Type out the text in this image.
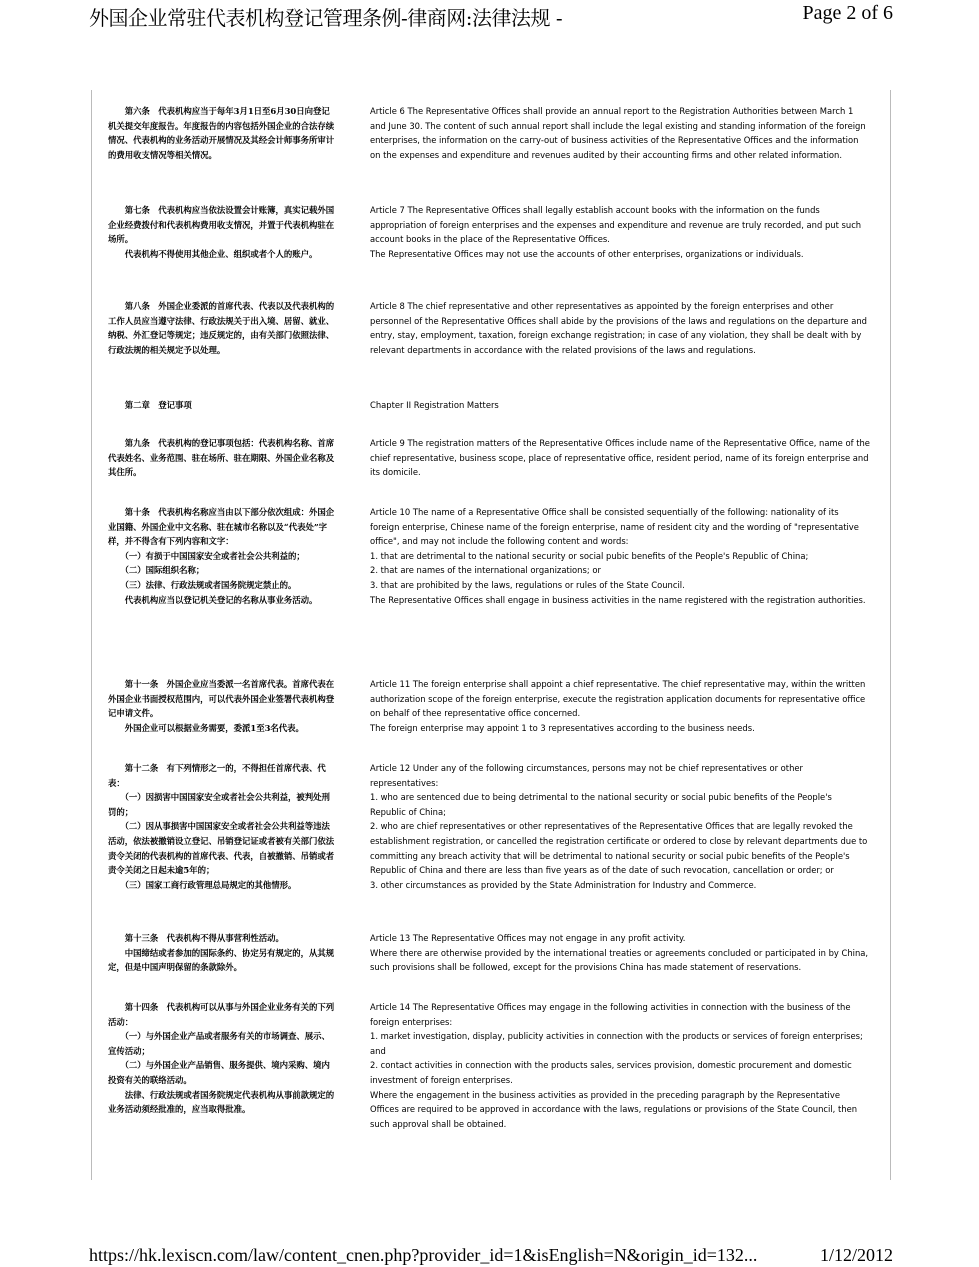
外国企业常驻代表机构登记管理条例-律商网:法律法规 -	Page 2 of 6

　　第六条　代表机构应当于每年3月1日至6月30日向登记机关提交年度报告。年度报告的内容包括外国企业的合法存续情况、代表机构的业务活动开展情况及其经会计师事务所审计的费用收支情况等相关情况。

Article 6 The Representative Offices shall provide an annual report to the Registration Authorities between March 1 and June 30. The content of such annual report shall include the legal existing and standing information of the foreign enterprises, the information on the carry-out of business activities of the Representative Offices and the information on the expenses and expenditure and revenues audited by their accounting firms and other related information.

　　第七条　代表机构应当依法设置会计账簿，真实记载外国企业经费拨付和代表机构费用收支情况，并置于代表机构驻在场所。

　　代表机构不得使用其他企业、组织或者个人的账户。

Article 7 The Representative Offices shall legally establish account books with the information on the funds appropriation of foreign enterprises and the expenses and expenditure and revenue are truly recorded, and put such account books in the place of the Representative Offices.

The Representative Offices may not use the accounts of other enterprises, organizations or individuals.

　　第八条　外国企业委派的首席代表、代表以及代表机构的工作人员应当遵守法律、行政法规关于出入境、居留、就业、纳税、外汇登记等规定；违反规定的，由有关部门依照法律、行政法规的相关规定予以处理。

Article 8 The chief representative and other representatives as appointed by the foreign enterprises and other personnel of the Representative Offices shall abide by the provisions of the laws and regulations on the departure and entry, stay, employment, taxation, foreign exchange registration; in case of any violation, they shall be dealt with by relevant departments in accordance with the related provisions of the laws and regulations.

　　第二章　登记事项	Chapter II Registration Matters

　　第九条　代表机构的登记事项包括：代表机构名称、首席代表姓名、业务范围、驻在场所、驻在期限、外国企业名称及其住所。

Article 9 The registration matters of the Representative Offices include name of the Representative Office, name of the chief representative, business scope, place of representative office, resident period, name of its foreign enterprise and its domicile.

　　第十条　代表机构名称应当由以下部分依次组成：外国企业国籍、外国企业中文名称、驻在城市名称以及“代表处”字样，并不得含有下列内容和文字：

　　（一）有损于中国国家安全或者社会公共利益的；

　　（二）国际组织名称；

　　（三）法律、行政法规或者国务院规定禁止的。

　　代表机构应当以登记机关登记的名称从事业务活动。

Article 10 The name of a Representative Office shall be consisted sequentially of the following: nationality of its foreign enterprise, Chinese name of the foreign enterprise, name of resident city and the wording of "representative office", and may not include the following content and words:

1. that are detrimental to the national security or social pubic benefits of the People's Republic of China;

2. that are names of the international organizations; or

3. that are prohibited by the laws, regulations or rules of the State Council.

The Representative Offices shall engage in business activities in the name registered with the registration authorities.

　　第十一条　外国企业应当委派一名首席代表。首席代表在外国企业书面授权范围内，可以代表外国企业签署代表机构登记申请文件。

　　外国企业可以根据业务需要，委派1至3名代表。

Article 11 The foreign enterprise shall appoint a chief representative. The chief representative may, within the written authorization scope of the foreign enterprise, execute the registration application documents for representative office on behalf of thee representative office concerned.

The foreign enterprise may appoint 1 to 3 representatives according to the business needs.

　　第十二条　有下列情形之一的，不得担任首席代表、代表：

　　（一）因损害中国国家安全或者社会公共利益，被判处刑罚的；

　　（二）因从事损害中国国家安全或者社会公共利益等违法活动，依法被撤销设立登记、吊销登记证或者被有关部门依法责令关闭的代表机构的首席代表、代表，自被撤销、吊销或者责令关闭之日起未逾5年的；

　　（三）国家工商行政管理总局规定的其他情形。

Article 12 Under any of the following circumstances, persons may not be chief representatives or other representatives:

1. who are sentenced due to being detrimental to the national security or social pubic benefits of the People's Republic of China;

2. who are chief representatives or other representatives of the Representative Offices that are legally revoked the establishment registration, or cancelled the registration certificate or ordered to close by relevant departments due to committing any breach activity that will be detrimental to national security or social pubic benefits of the People's Republic of China and there are less than five years as of the date of such revocation, cancellation or order; or

3. other circumstances as provided by the State Administration for Industry and Commerce.

　　第十三条　代表机构不得从事营利性活动。

　　中国缔结或者参加的国际条约、协定另有规定的，从其规定，但是中国声明保留的条款除外。

Article 13 The Representative Offices may not engage in any profit activity.

Where there are otherwise provided by the international treaties or agreements concluded or participated in by China, such provisions shall be followed, except for the provisions China has made statement of reservations.

　　第十四条　代表机构可以从事与外国企业业务有关的下列活动：

　　（一）与外国企业产品或者服务有关的市场调查、展示、宣传活动；

　　（二）与外国企业产品销售、服务提供、境内采购、境内投资有关的联络活动。

　　法律、行政法规或者国务院规定代表机构从事前款规定的业务活动须经批准的，应当取得批准。

Article 14 The Representative Offices may engage in the following activities in connection with the business of the foreign enterprises:

1. market investigation, display, publicity activities in connection with the products or services of foreign enterprises; and

2. contact activities in connection with the products sales, services provision, domestic procurement and domestic investment of foreign enterprises.

Where the engagement in the business activities as provided in the preceding paragraph by the Representative Offices are required to be approved in accordance with the laws, regulations or provisions of the State Council, then such approval shall be obtained.

https://hk.lexiscn.com/law/content_cnen.php?provider_id=1&isEnglish=N&origin_id=132...	1/12/2012
